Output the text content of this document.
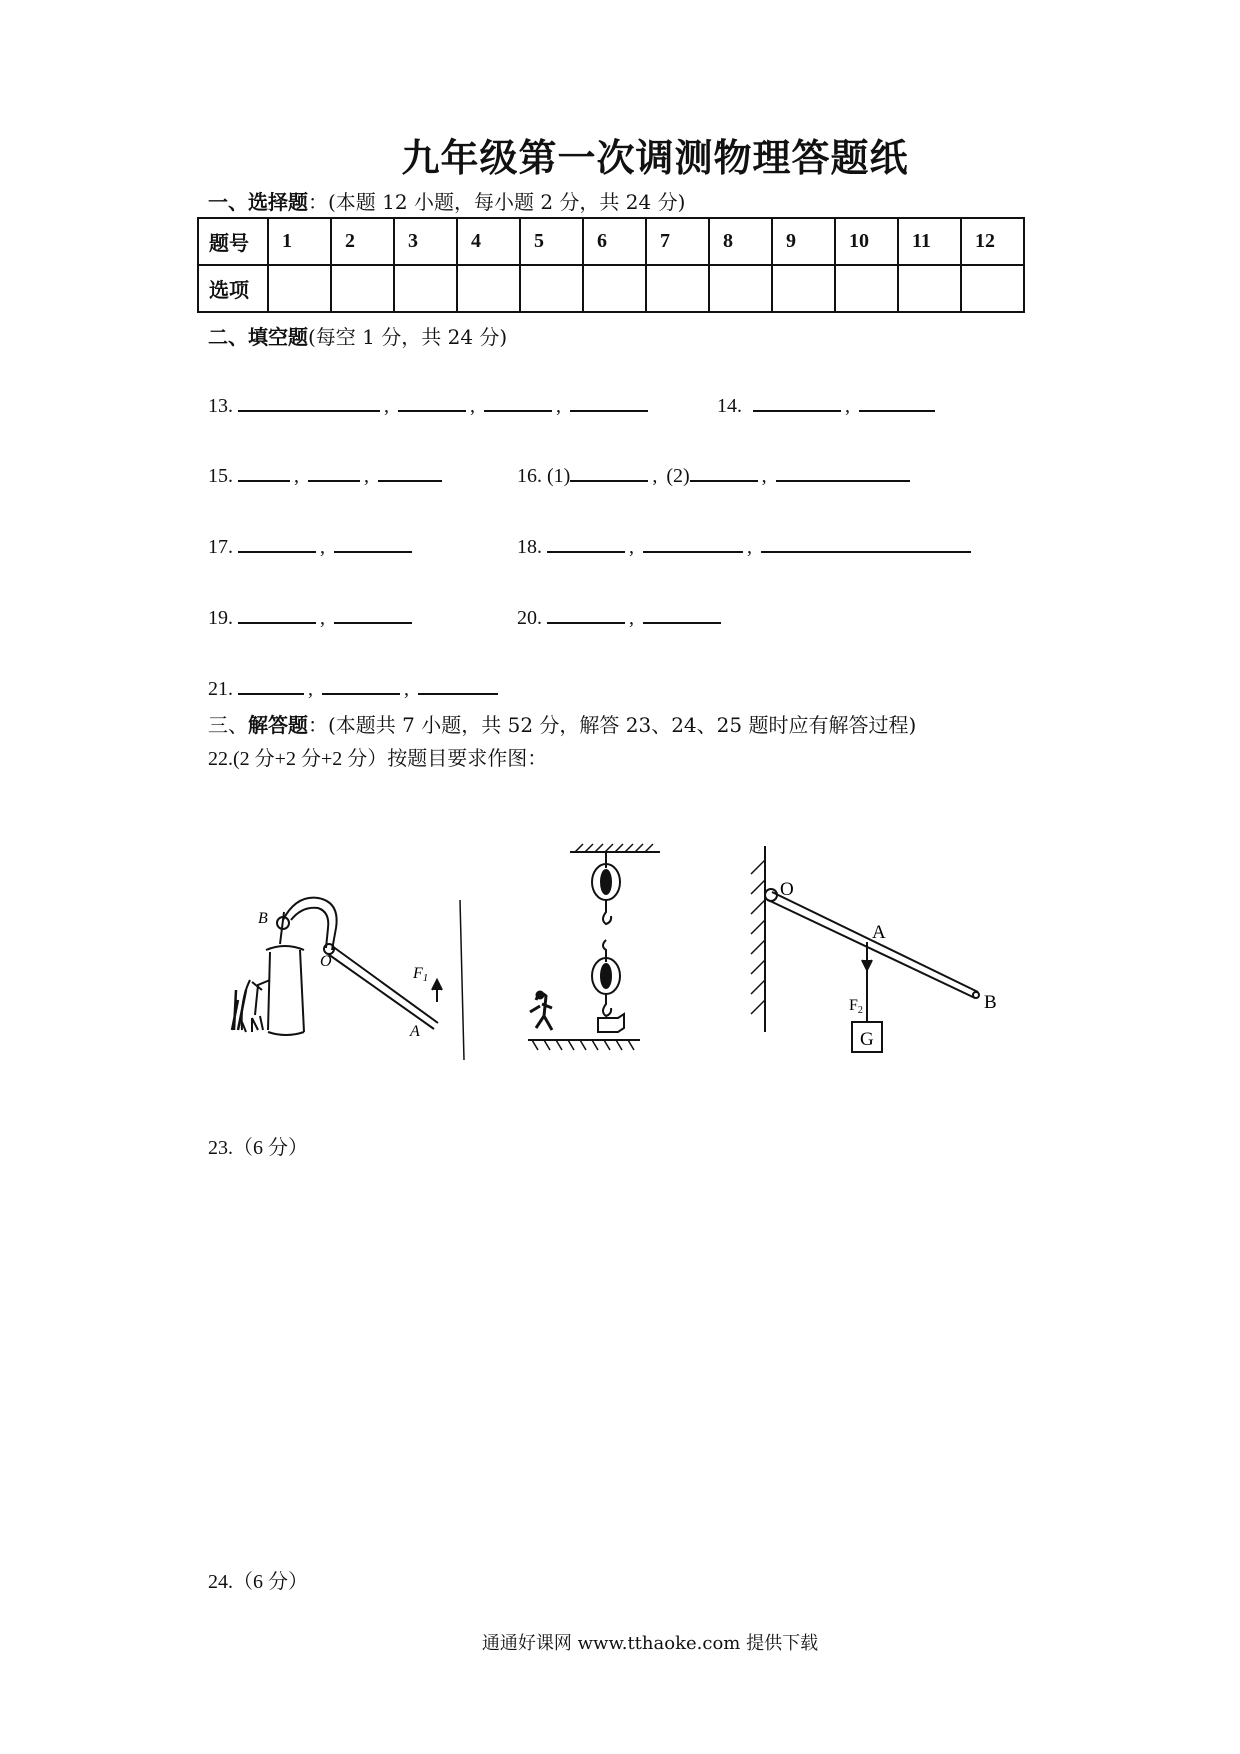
九年级第一次调测物理答题纸
一、选择题：(本题 12 小题，每小题 2 分，共 24 分)
题号	1	2	3	4	5	6	7	8	9	10	11	12
选项												
二、填空题(每空 1 分，共 24 分)
13.	,	,	,	14.	,
15.	,	,	16. (1)	, (2)	,
17.	,	18.	,	,
19.	,	20.	,
21.	,	,
三、解答题：(本题共 7 小题，共 52 分，解答 23、24、25 题时应有解答过程)
22.(2 分+2 分+2 分）按题目要求作图：
B
O
F1
A
O
A
B
F2
G
23.（6 分）
24.（6 分）
通通好课网 www.tthaoke.com 提供下载
